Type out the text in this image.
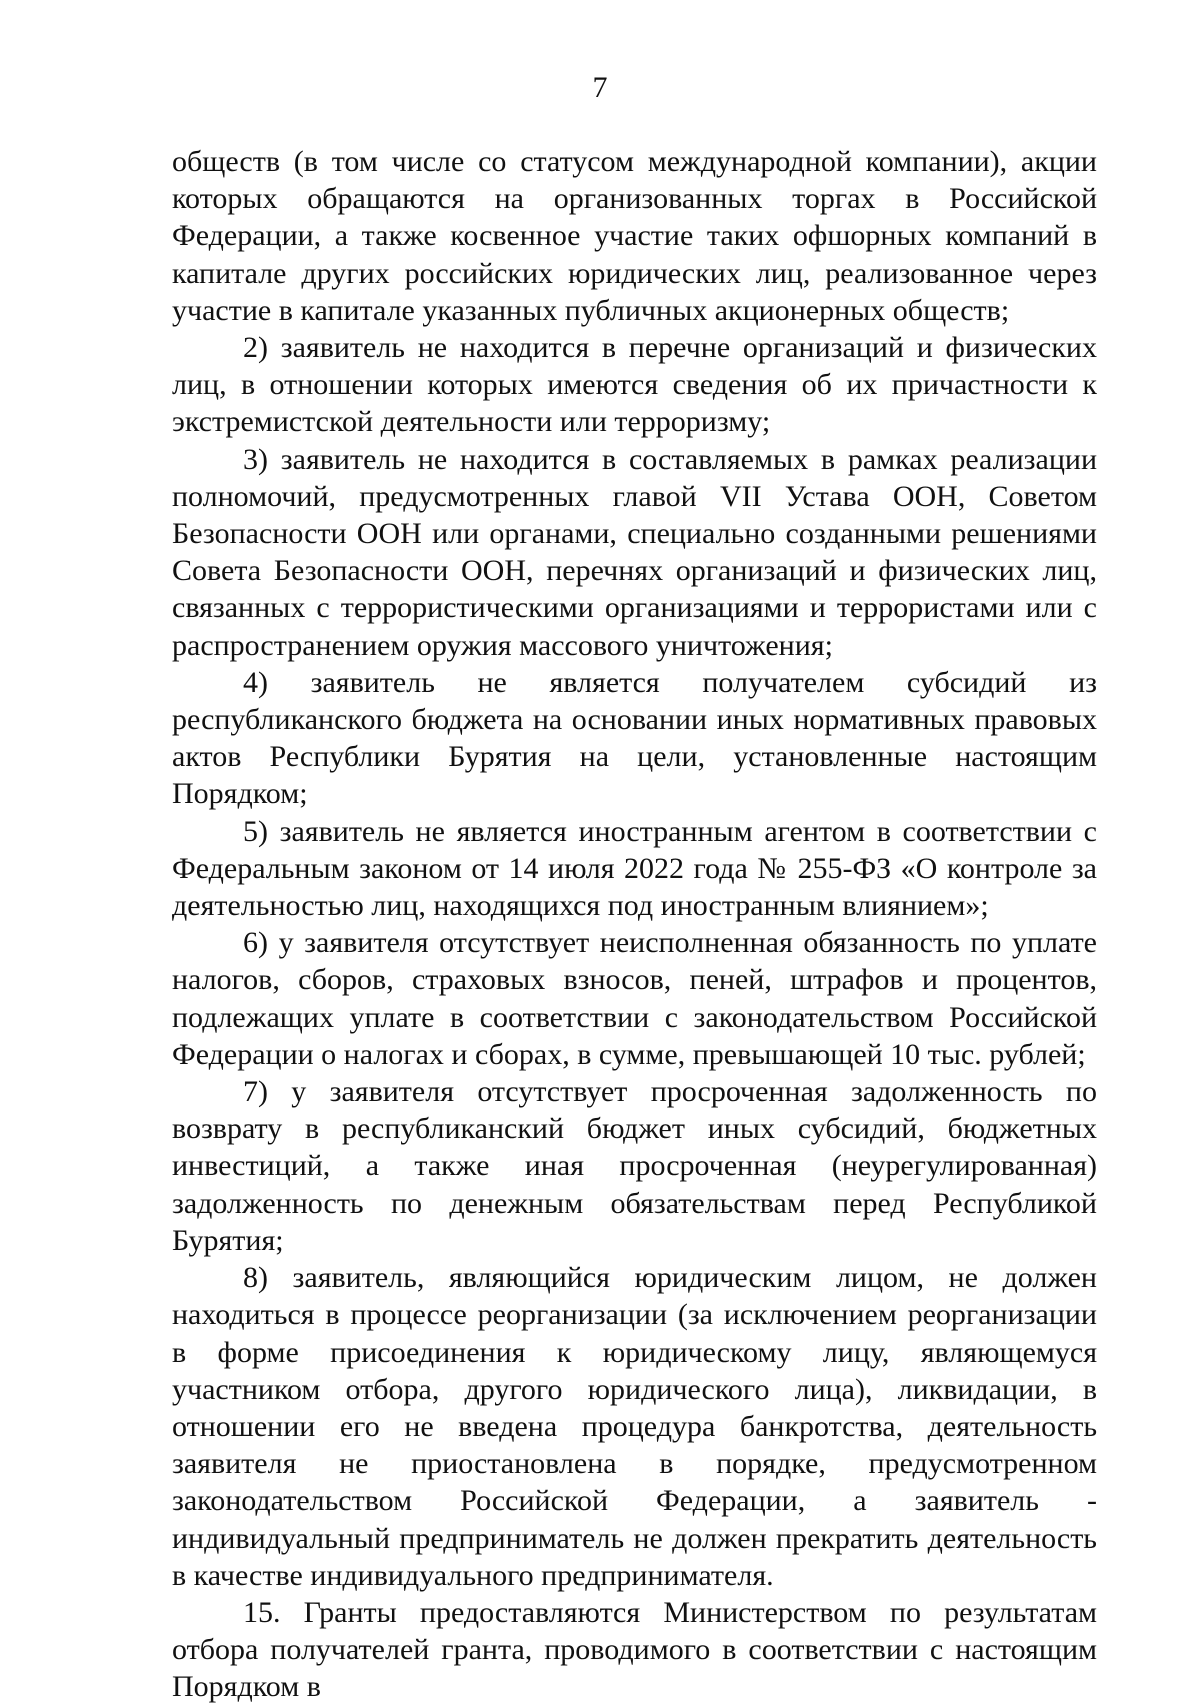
7

обществ (в том числе со статусом международной компании), акции которых обращаются на организованных торгах в Российской Федерации, а также косвенное участие таких офшорных компаний в капитале других российских юридических лиц, реализованное через участие в капитале указанных публичных акционерных обществ;

2) заявитель не находится в перечне организаций и физических лиц, в отношении которых имеются сведения об их причастности к экстремистской деятельности или терроризму;

3) заявитель не находится в составляемых в рамках реализации полномочий, предусмотренных главой VII Устава ООН, Советом Безопасности ООН или органами, специально созданными решениями Совета Безопасности ООН, перечнях организаций и физических лиц, связанных с террористическими организациями и террористами или с распространением оружия массового уничтожения;

4) заявитель не является получателем субсидий из республиканского бюджета на основании иных нормативных правовых актов Республики Бурятия на цели, установленные настоящим Порядком;

5) заявитель не является иностранным агентом в соответствии с Федеральным законом от 14 июля 2022 года № 255-ФЗ «О контроле за деятельностью лиц, находящихся под иностранным влиянием»;

6) у заявителя отсутствует неисполненная обязанность по уплате налогов, сборов, страховых взносов, пеней, штрафов и процентов, подлежащих уплате в соответствии с законодательством Российской Федерации о налогах и сборах, в сумме, превышающей 10 тыс. рублей;

7) у заявителя отсутствует просроченная задолженность по возврату в республиканский бюджет иных субсидий, бюджетных инвестиций, а также иная просроченная (неурегулированная) задолженность по денежным обязательствам перед Республикой Бурятия;

8) заявитель, являющийся юридическим лицом, не должен находиться в процессе реорганизации (за исключением реорганизации в форме присоединения к юридическому лицу, являющемуся участником отбора, другого юридического лица), ликвидации, в отношении его не введена процедура банкротства, деятельность заявителя не приостановлена в порядке, предусмотренном законодательством Российской Федерации, а заявитель - индивидуальный предприниматель не должен прекратить деятельность в качестве индивидуального предпринимателя.

15. Гранты предоставляются Министерством по результатам отбора получателей гранта, проводимого в соответствии с настоящим Порядком в
